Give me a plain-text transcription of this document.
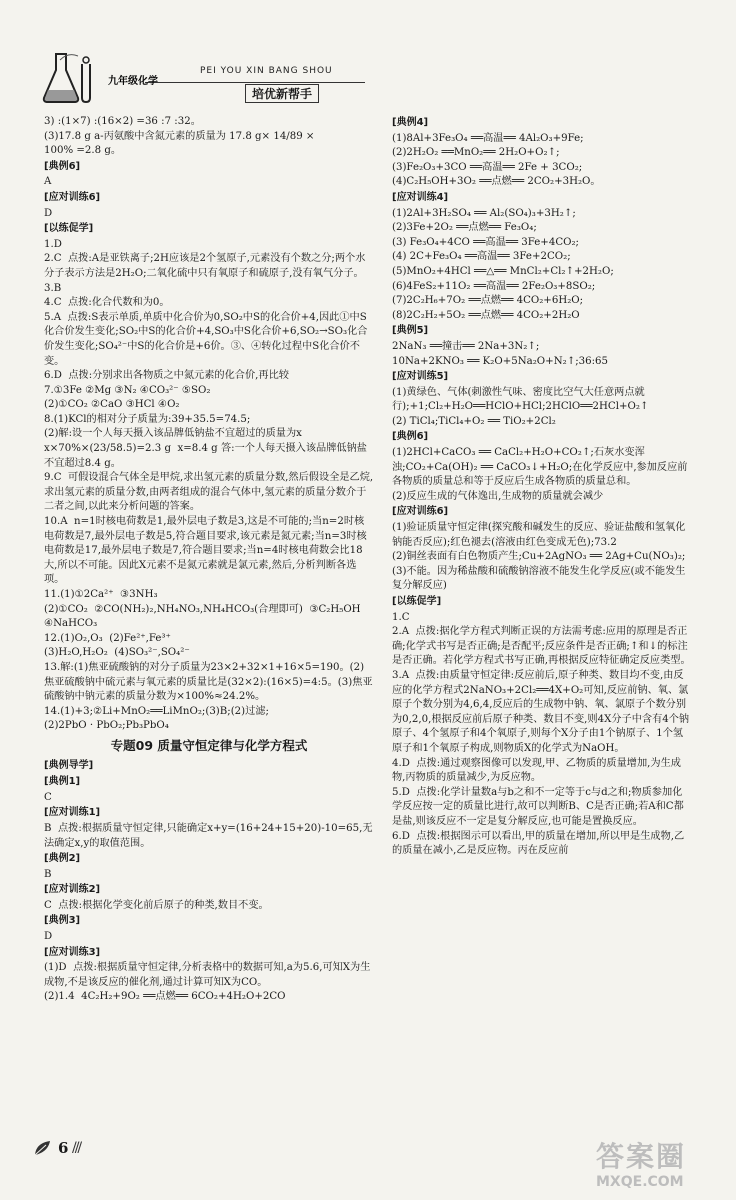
九年级化学
PEI YOU XIN BANG SHOU
培优新帮手
3) :(1×7) :(16×2) =36 :7 :32。
(3)17.8 g a-丙氨酸中含氮元素的质量为 17.8 g× 14/89 ×
100% =2.8 g。
[典例6]
A
[应对训练6]
D
[以练促学]
1.D
2.C  点拨:A是亚铁离子;2H应该是2个氢原子,元素没有个数之分;两个水分子表示方法是2H₂O;二氧化硫中只有氧原子和硫原子,没有氧气分子。
3.B
4.C  点拨:化合代数和为0。
5.A  点拨:S表示单质,单质中化合价为0,SO₂中S的化合价+4,因此①中S化合价发生变化;SO₂中S的化合价+4,SO₃中S化合价+6,SO₂→SO₃化合价发生变化;SO₄²⁻中S的化合价是+6价。③、④转化过程中S化合价不变。
6.D  点拨:分别求出各物质之中氮元素的化合价,再比较
7.①3Fe ②Mg ③N₂ ④CO₃²⁻ ⑤SO₂
(2)①CO₂ ②CaO ③HCl ④O₂
8.(1)KCl的相对分子质量为:39+35.5=74.5;
(2)解:设一个人每天摄入该品牌低钠盐不宜超过的质量为x  x×70%×(23/58.5)=2.3 g  x=8.4 g 答:一个人每天摄入该品牌低钠盐不宜超过8.4 g。
9.C  可假设混合气体全是甲烷,求出氢元素的质量分数,然后假设全是乙烷,求出氢元素的质量分数,由两者组成的混合气体中,氢元素的质量分数介于二者之间,以此来分析问题的答案。
10.A  n=1时核电荷数是1,最外层电子数是3,这是不可能的;当n=2时核电荷数是7,最外层电子数是5,符合题目要求,该元素是氮元素;当n=3时核电荷数是17,最外层电子数是7,符合题目要求;当n=4时核电荷数会比18大,所以不可能。因此X元素不是氮元素就是氯元素,然后,分析判断各选项。
11.(1)①2Ca²⁺  ③3NH₃
(2)①CO₂  ②CO(NH₂)₂,NH₄NO₃,NH₄HCO₃(合理即可)  ③C₂H₅OH  ④NaHCO₃
12.(1)O₂,O₃  (2)Fe²⁺,Fe³⁺
(3)H₂O,H₂O₂  (4)SO₃²⁻,SO₄²⁻
13.解:(1)焦亚硫酸钠的对分子质量为23×2+32×1+16×5=190。(2)焦亚硫酸钠中硫元素与氧元素的质量比是(32×2):(16×5)=4:5。(3)焦亚硫酸钠中钠元素的质量分数为×100%≈24.2%。
14.(1)+3;②Li+MnO₂══LiMnO₂;(3)B;(2)过滤;
(2)2PbO · PbO₂;Pb₃PbO₄
专题09 质量守恒定律与化学方程式
[典例导学]
[典例1]
C
[应对训练1]
B  点拨:根据质量守恒定律,只能确定x+y=(16+24+15+20)-10=65,无法确定x,y的取值范围。
[典例2]
B
[应对训练2]
C  点拨:根据化学变化前后原子的种类,数目不变。
[典例3]
D
[应对训练3]
(1)D  点拨:根据质量守恒定律,分析表格中的数据可知,a为5.6,可知X为生成物,不是该反应的催化剂,通过计算可知X为CO。
(2)1.4  4C₂H₂+9O₂ ══点燃══ 6CO₂+4H₂O+2CO
[典例4]
(1)8Al+3Fe₃O₄ ══高温══ 4Al₂O₃+9Fe;
(2)2H₂O₂ ══MnO₂══ 2H₂O+O₂↑;
(3)Fe₂O₃+3CO ══高温══ 2Fe + 3CO₂;
(4)C₂H₅OH+3O₂ ══点燃══ 2CO₂+3H₂O。
[应对训练4]
(1)2Al+3H₂SO₄ ══ Al₂(SO₄)₃+3H₂↑;
(2)3Fe+2O₂ ══点燃══ Fe₃O₄;
(3) Fe₃O₄+4CO ══高温══ 3Fe+4CO₂;
(4) 2C+Fe₃O₄ ══高温══ 3Fe+2CO₂;
(5)MnO₂+4HCl ══△══ MnCl₂+Cl₂↑+2H₂O;
(6)4FeS₂+11O₂ ══高温══ 2Fe₂O₃+8SO₂;
(7)2C₂H₆+7O₂ ══点燃══ 4CO₂+6H₂O;
(8)2C₂H₂+5O₂ ══点燃══ 4CO₂+2H₂O
[典例5]
2NaN₃ ══撞击══ 2Na+3N₂↑;
10Na+2KNO₃ ══ K₂O+5Na₂O+N₂↑;36:65
[应对训练5]
(1)黄绿色、气体(刺激性气味、密度比空气大任意两点就行);+1;Cl₂+H₂O══HClO+HCl;2HClO══2HCl+O₂↑
(2) TiCl₄;TiCl₄+O₂ ══ TiO₂+2Cl₂
[典例6]
(1)2HCl+CaCO₃ ══ CaCl₂+H₂O+CO₂↑;石灰水变浑浊;CO₂+Ca(OH)₂ ══ CaCO₃↓+H₂O;在化学反应中,参加反应前各物质的质量总和等于反应后生成各物质的质量总和。
(2)反应生成的气体逸出,生成物的质量就会减少
[应对训练6]
(1)验证质量守恒定律(探究酸和碱发生的反应、验证盐酸和氢氧化钠能否反应);红色褪去(溶液由红色变成无色);73.2
(2)铜丝表面有白色物质产生;Cu+2AgNO₃ ══ 2Ag+Cu(NO₃)₂;
(3)不能。因为稀盐酸和硫酸钠溶液不能发生化学反应(或不能发生复分解反应)
[以练促学]
1.C
2.A  点拨:据化学方程式判断正误的方法需考虑:应用的原理是否正确;化学式书写是否正确;是否配平;反应条件是否正确;↑和↓的标注是否正确。若化学方程式书写正确,再根据反应特征确定反应类型。
3.A  点拨:由质量守恒定律:反应前后,原子种类、数目均不变,由反应的化学方程式2NaNO₃+2Cl₂══4X+O₂可知,反应前钠、氧、氯原子个数分别为4,6,4,反应后的生成物中钠、氧、氯原子个数分别为0,2,0,根据反应前后原子种类、数目不变,则4X分子中含有4个钠原子、4个氢原子和4个氧原子,则每个X分子由1个钠原子、1个氢原子和1个氧原子构成,则物质X的化学式为NaOH。
4.D  点拨:通过观察图像可以发现,甲、乙物质的质量增加,为生成物,丙物质的质量减少,为反应物。
5.D  点拨:化学计量数a与b之和不一定等于c与d之和;物质参加化学反应按一定的质量比进行,故可以判断B、C是否正确;若A和C都是盐,则该反应不一定是复分解反应,也可能是置换反应。
6.D  点拨:根据图示可以看出,甲的质量在增加,所以甲是生成物,乙的质量在减小,乙是反应物。丙在反应前
6 ///	答案圈
MXQE.COM
